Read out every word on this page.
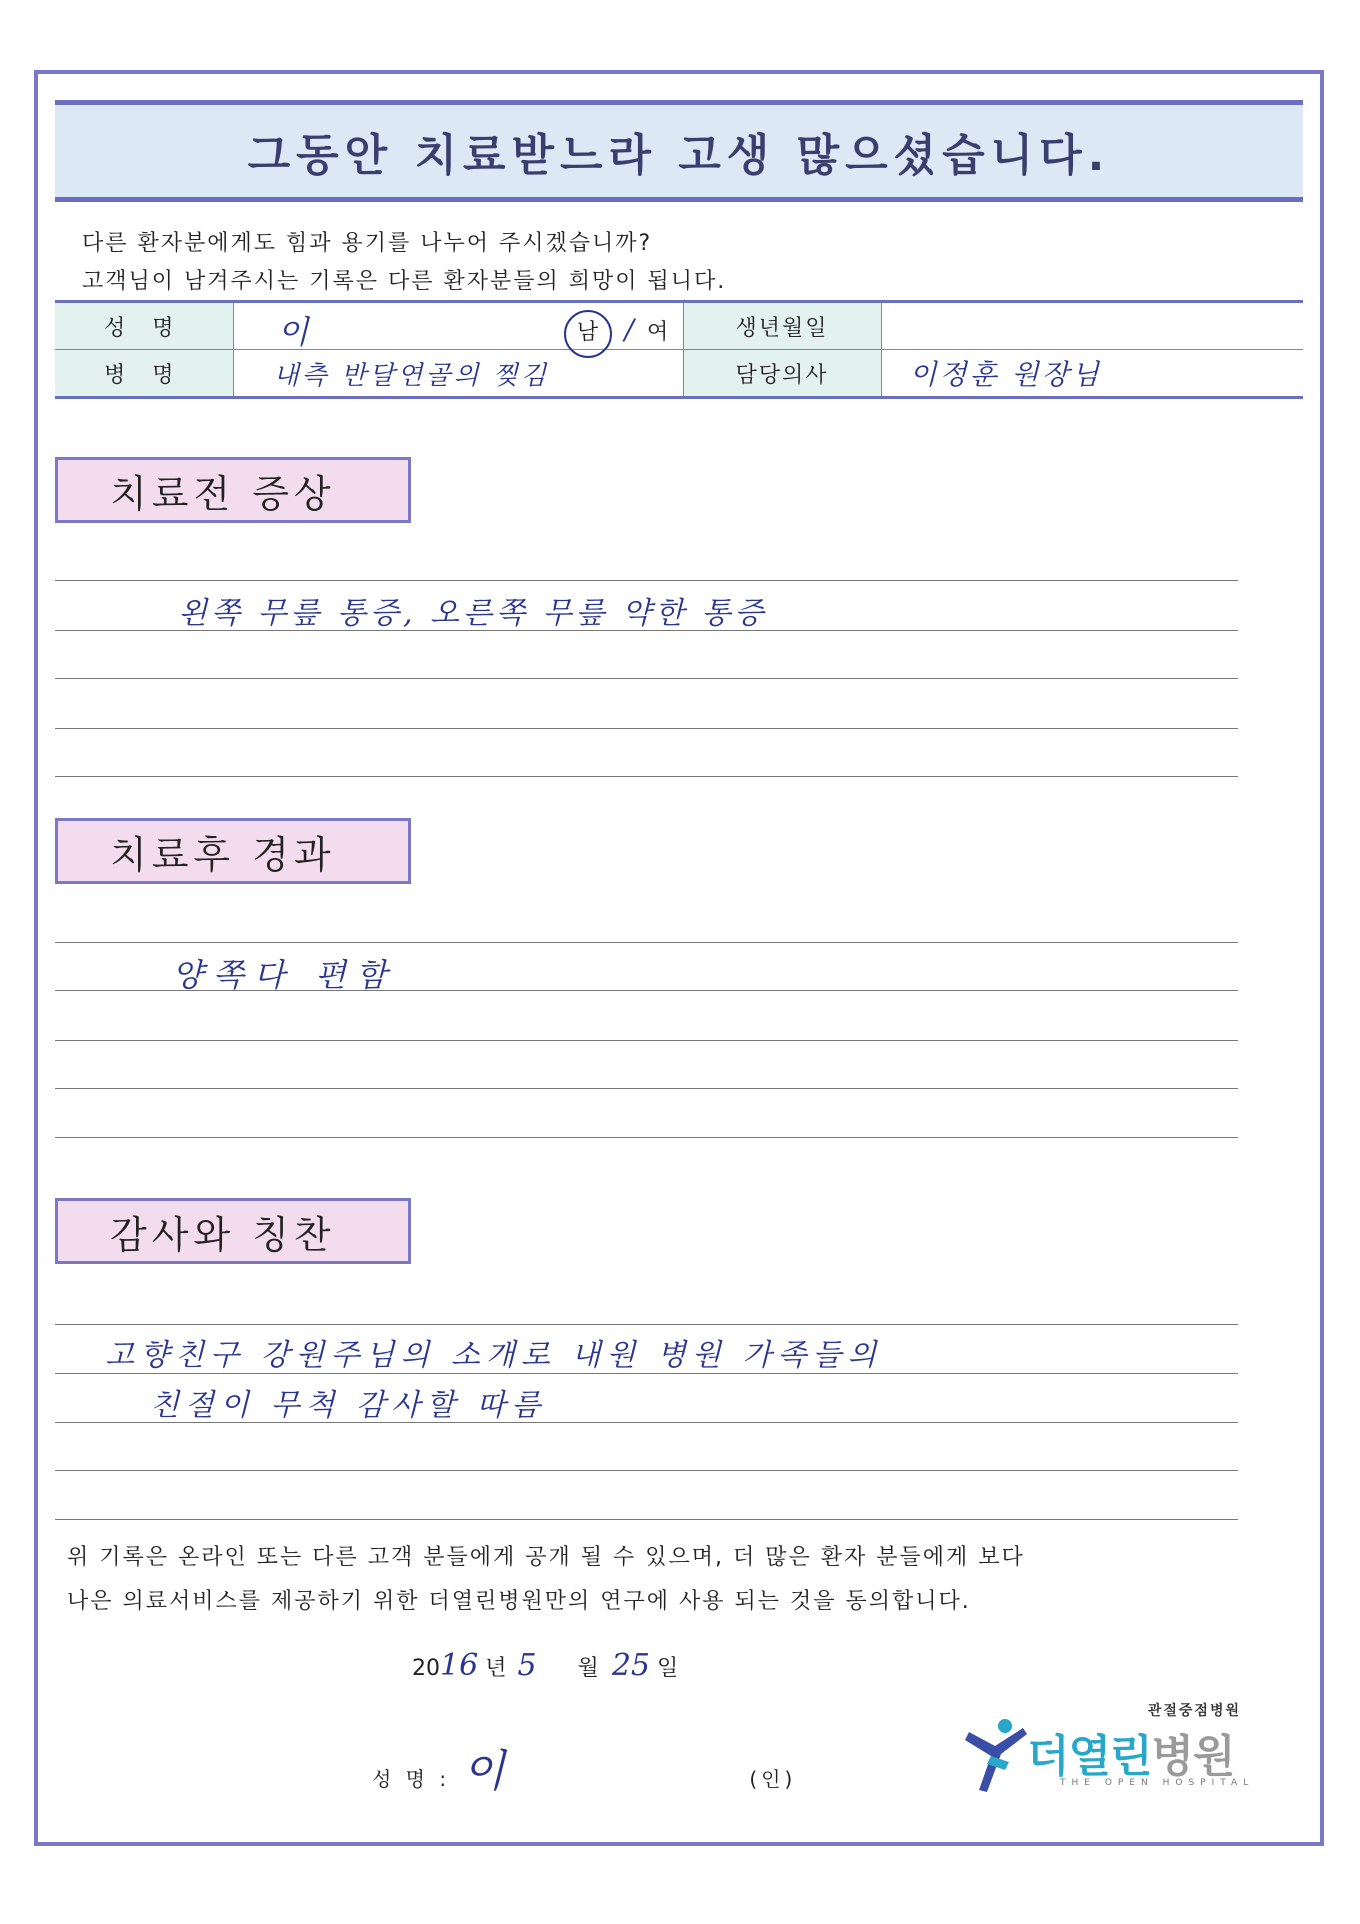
그동안 치료받느라 고생 많으셨습니다.
다른 환자분에게도 힘과 용기를 나누어 주시겠습니까?
고객님이 남겨주시는 기록은 다른 환자분들의 희망이 됩니다.
성 명	이 남 / 여	생년월일	
병 명	내측 반달연골의 찢김	담당의사	이정훈 원장님
치료전 증상
왼쪽 무릎 통증, 오른쪽 무릎 약한 통증
치료후 경과
양쪽다 편함
감사와 칭찬
고향친구 강원주님의 소개로 내원 병원 가족들의
친절이 무척 감사할 따름
위 기록은 온라인 또는 다른 고객 분들에게 공개 될 수 있으며, 더 많은 환자 분들에게 보다
나은 의료서비스를 제공하기 위한 더열린병원만의 연구에 사용 되는 것을 동의합니다.
2016 년 5 월 25 일
성 명 : 이	(인)
관절중점병원
더열린병원
THE OPEN HOSPITAL
